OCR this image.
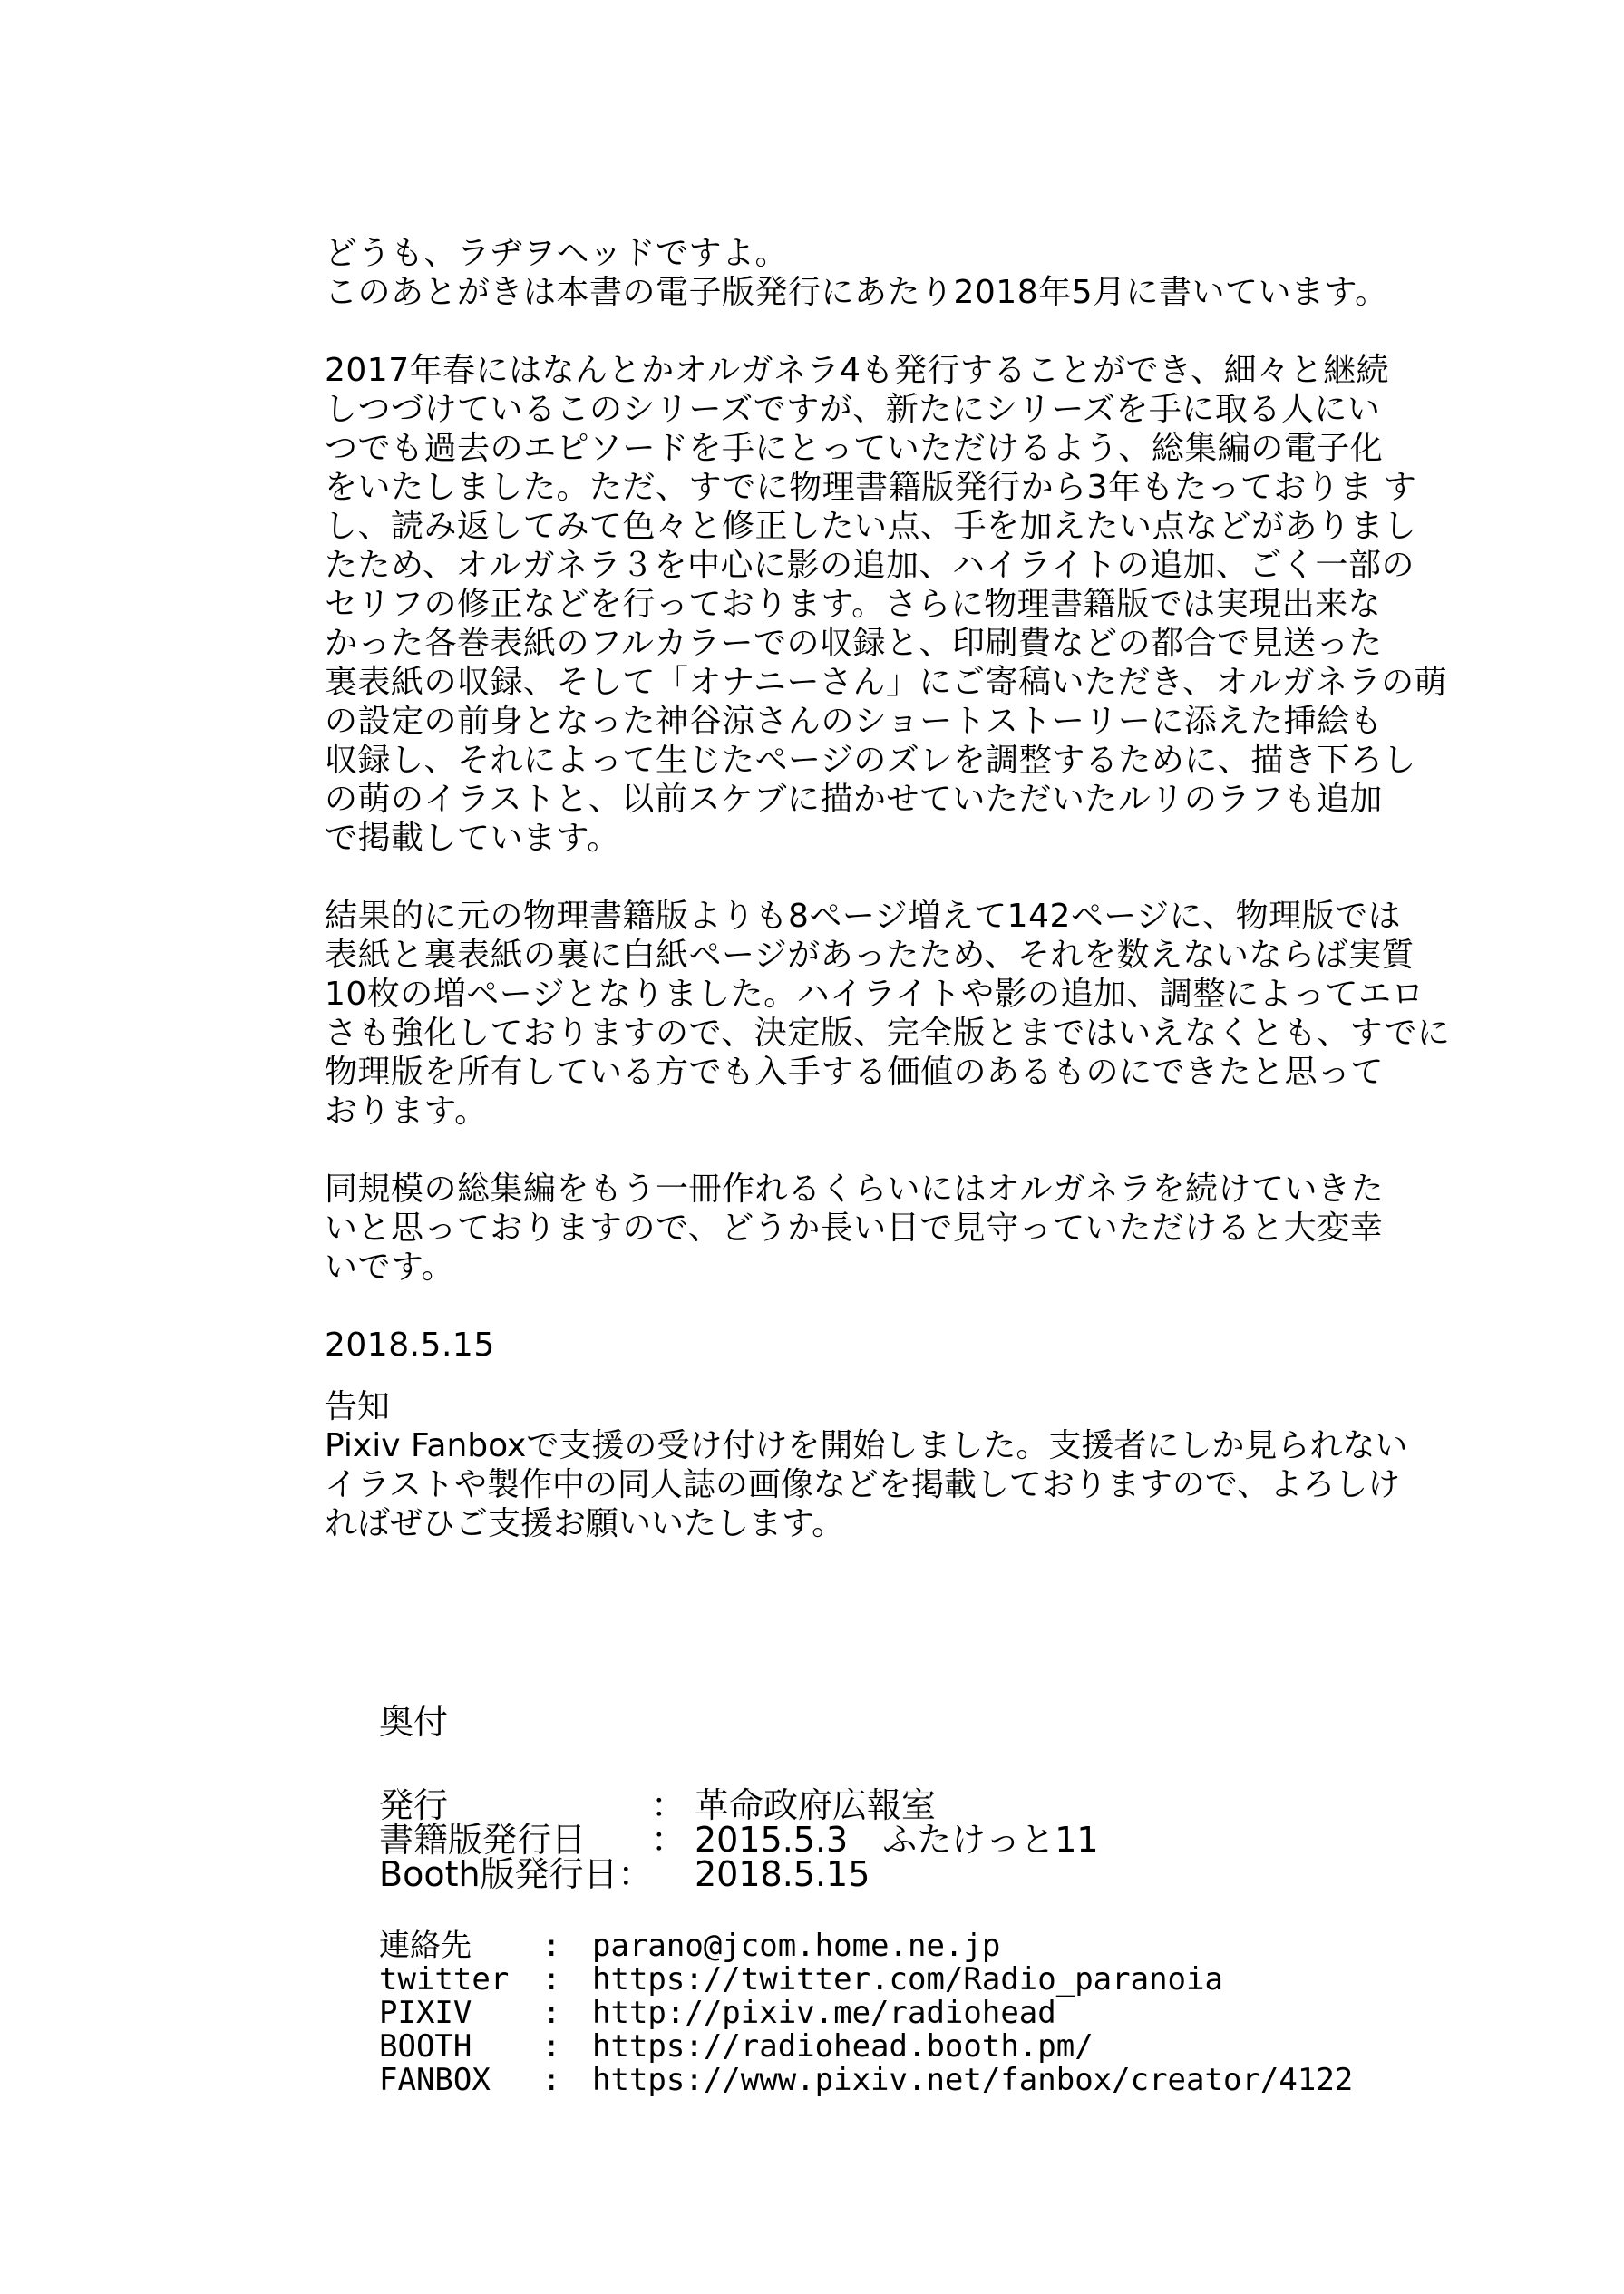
どうも、ラヂヲヘッドですよ。
このあとがきは本書の電子版発行にあたり2018年5月に書いています。

2017年春にはなんとかオルガネラ4も発行することができ、細々と継続
しつづけているこのシリーズですが、新たにシリーズを手に取る人にい
つでも過去のエピソードを手にとっていただけるよう、総集編の電子化
をいたしました。ただ、すでに物理書籍版発行から3年もたっておりま す
し、読み返してみて色々と修正したい点、手を加えたい点などがありまし
たため、オルガネラ３を中心に影の追加、ハイライトの追加、ごく一部の
セリフの修正などを行っております。さらに物理書籍版では実現出来な
かった各巻表紙のフルカラーでの収録と、印刷費などの都合で見送った
裏表紙の収録、そして「オナニーさん」にご寄稿いただき、オルガネラの萌
の設定の前身となった神谷涼さんのショートストーリーに添えた挿絵も
収録し、それによって生じたページのズレを調整するために、描き下ろし
の萌のイラストと、以前スケブに描かせていただいたルリのラフも追加
で掲載しています。

結果的に元の物理書籍版よりも8ページ増えて142ページに、物理版では
表紙と裏表紙の裏に白紙ページがあったため、それを数えないならば実質
10枚の増ページとなりました。ハイライトや影の追加、調整によってエロ
さも強化しておりますので、決定版、完全版とまではいえなくとも、すでに
物理版を所有している方でも入手する価値のあるものにできたと思って
おります。

同規模の総集編をもう一冊作れるくらいにはオルガネラを続けていきた
いと思っておりますので、どうか長い目で見守っていただけると大変幸
いです。

2018.5.15

告知
Pixiv Fanboxで支援の受け付けを開始しました。支援者にしか見られない
イラストや製作中の同人誌の画像などを掲載しておりますので、よろしけ
ればぜひご支援お願いいたします。
奥付
発行	： 革命政府広報室
書籍版発行日	： 2015.5.3　ふたけっと11
Booth版発行日：	2018.5.15
連絡先	:	parano@jcom.home.ne.jp
twitter	:	https://twitter.com/Radio_paranoia
PIXIV	:	http://pixiv.me/radiohead
BOOTH	:	https://radiohead.booth.pm/
FANBOX	:	https://www.pixiv.net/fanbox/creator/4122
